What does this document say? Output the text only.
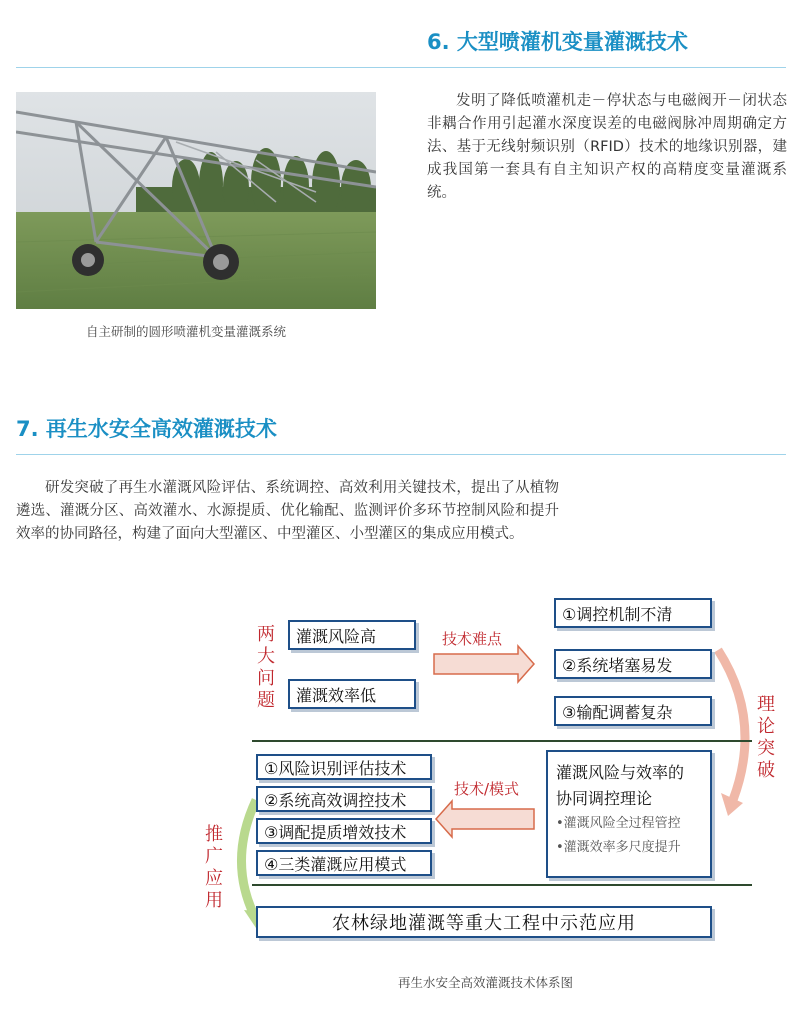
6. 大型喷灌机变量灌溉技术
自主研制的圆形喷灌机变量灌溉系统
发明了降低喷灌机走－停状态与电磁阀开－闭状态非耦合作用引起灌水深度误差的电磁阀脉冲周期确定方法、基于无线射频识别（RFID）技术的地缘识别器，建成我国第一套具有自主知识产权的高精度变量灌溉系统。
7. 再生水安全高效灌溉技术
研发突破了再生水灌溉风险评估、系统调控、高效利用关键技术，提出了从植物遴选、灌溉分区、高效灌水、水源提质、优化输配、监测评价多环节控制风险和提升效率的协同路径，构建了面向大型灌区、中型灌区、小型灌区的集成应用模式。
两大问题
灌溉风险高
灌溉效率低
技术难点
①调控机制不清
②系统堵塞易发
③输配调蓄复杂	理论突破
①风险识别评估技术
②系统高效调控技术
③调配提质增效技术
④三类灌溉应用模式
技术/模式
灌溉风险与效率的
协同调控理论
•灌溉风险全过程管控
•灌溉效率多尺度提升
推广应用
农林绿地灌溉等重大工程中示范应用
再生水安全高效灌溉技术体系图
